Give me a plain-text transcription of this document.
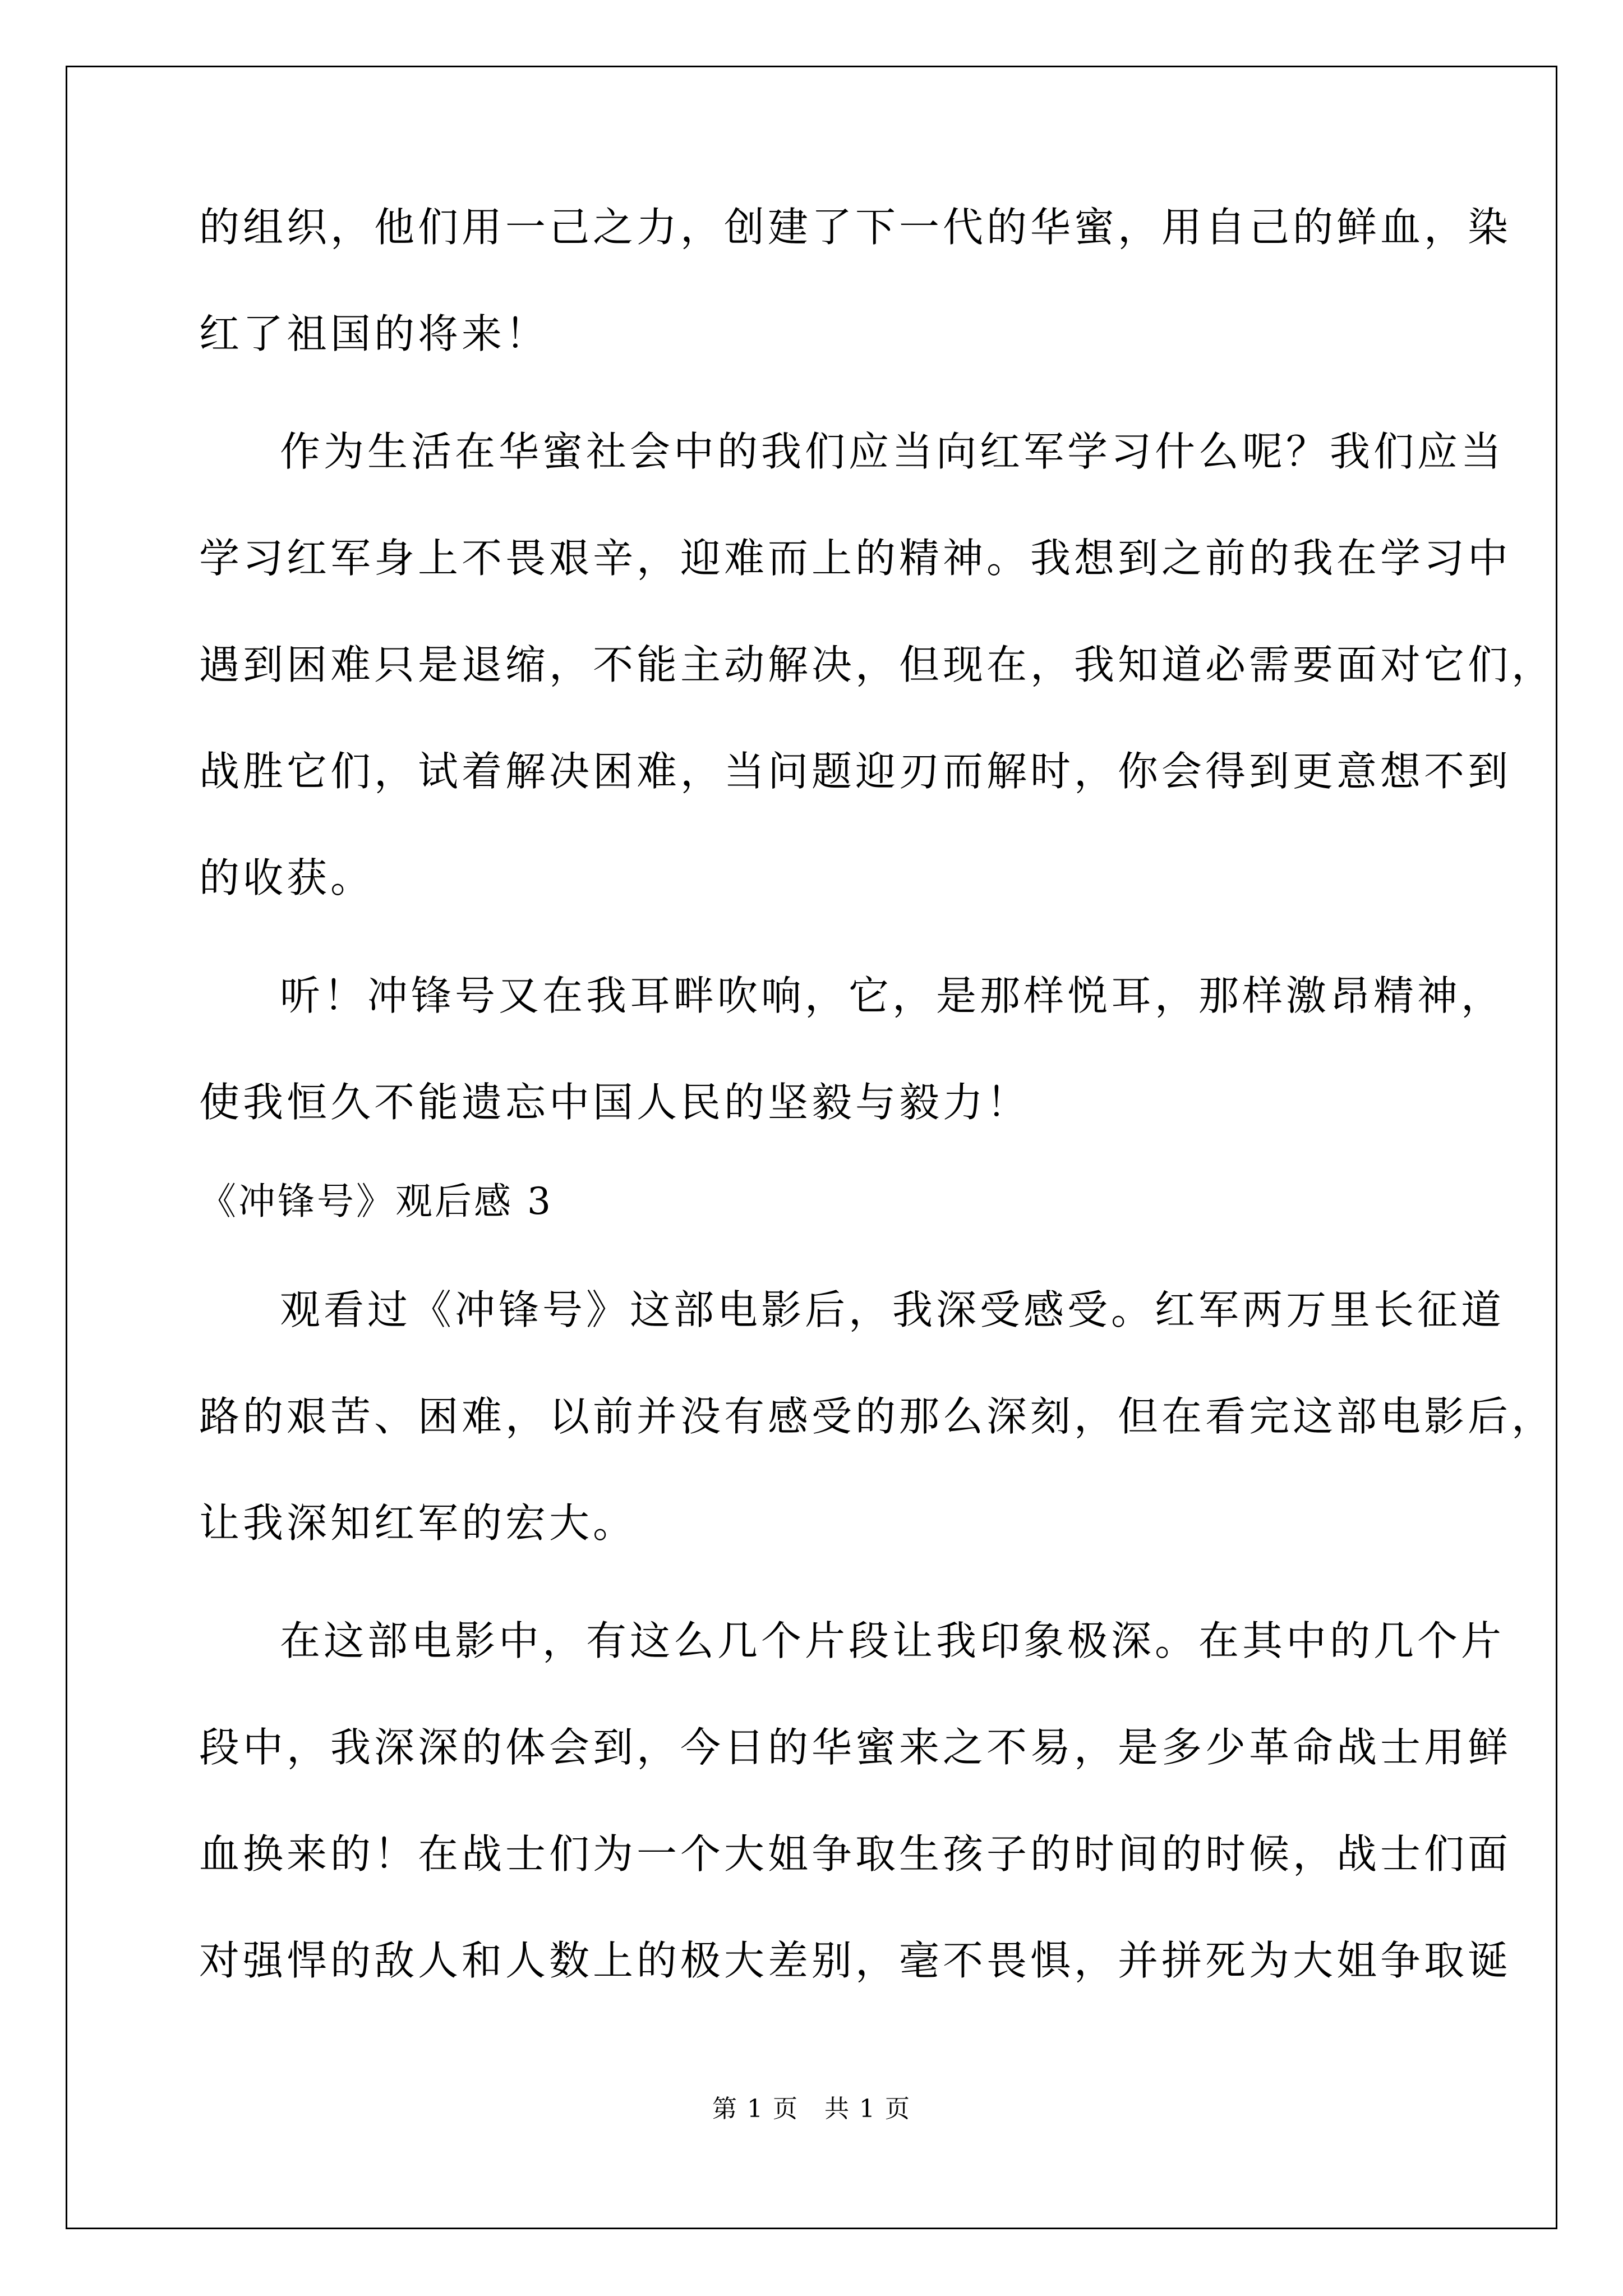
的组织，他们用一己之力，创建了下一代的华蜜，用自己的鲜血，染
红了祖国的将来！
作为生活在华蜜社会中的我们应当向红军学习什么呢？我们应当
学习红军身上不畏艰辛，迎难而上的精神。我想到之前的我在学习中
遇到困难只是退缩，不能主动解决，但现在，我知道必需要面对它们，
战胜它们，试着解决困难，当问题迎刃而解时，你会得到更意想不到
的收获。
听！冲锋号又在我耳畔吹响，它，是那样悦耳，那样激昂精神，
使我恒久不能遗忘中国人民的坚毅与毅力！
《冲锋号》观后感 3
观看过《冲锋号》这部电影后，我深受感受。红军两万里长征道
路的艰苦、困难，以前并没有感受的那么深刻，但在看完这部电影后，
让我深知红军的宏大。
在这部电影中，有这么几个片段让我印象极深。在其中的几个片
段中，我深深的体会到，今日的华蜜来之不易，是多少革命战士用鲜
血换来的！在战士们为一个大姐争取生孩子的时间的时候，战士们面
对强悍的敌人和人数上的极大差别，毫不畏惧，并拼死为大姐争取诞
第 1 页　共 1 页
